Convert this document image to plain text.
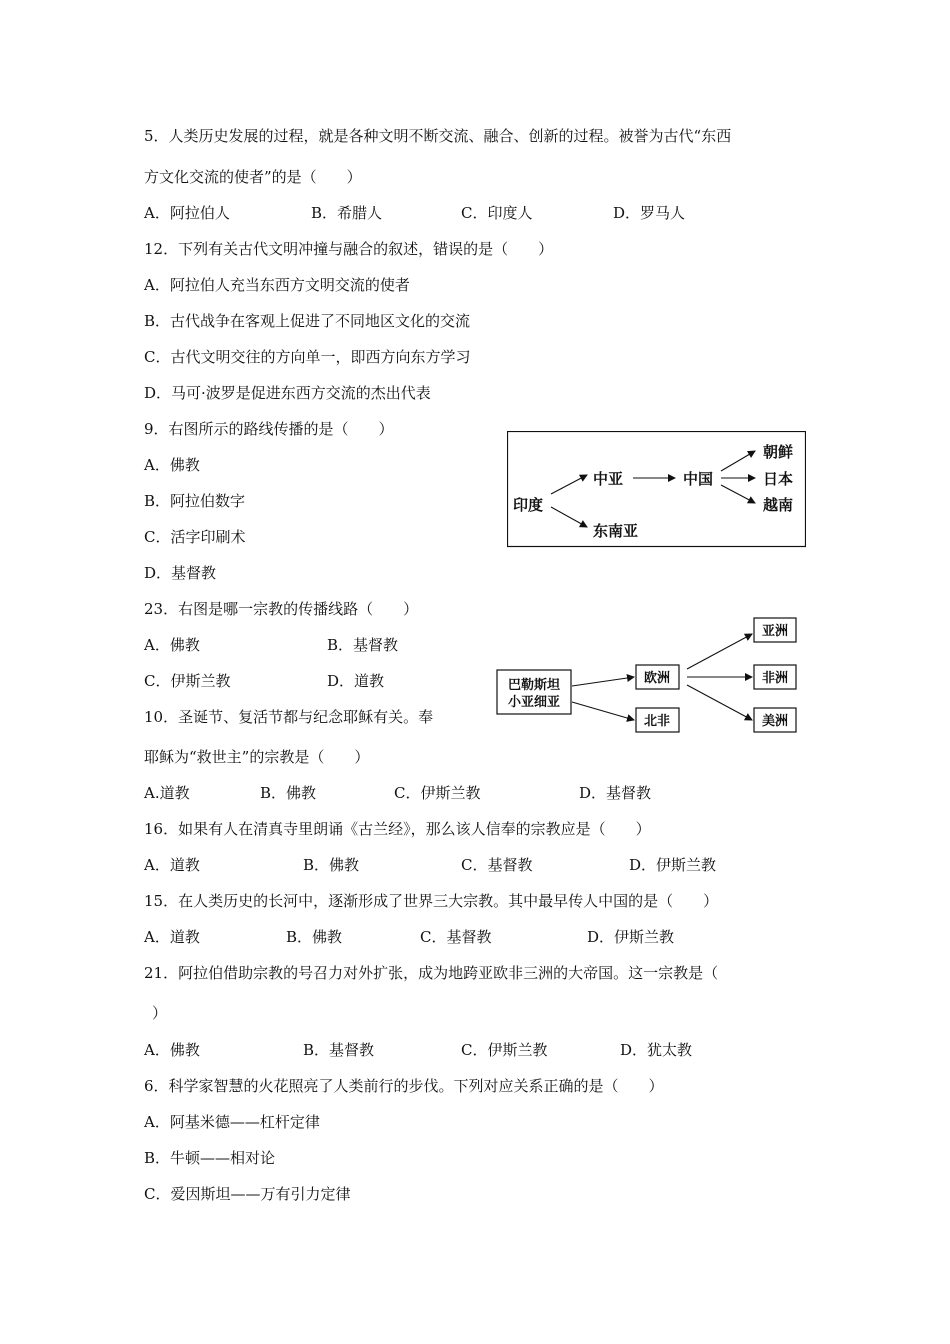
5．人类历史发展的过程，就是各种文明不断交流、融合、创新的过程。被誉为古代“东西
方文化交流的使者”的是（　　）
A．阿拉伯人	B．希腊人	C．印度人	D．罗马人
12．下列有关古代文明冲撞与融合的叙述，错误的是（　　）
A．阿拉伯人充当东西方文明交流的使者
B．古代战争在客观上促进了不同地区文化的交流
C．古代文明交往的方向单一，即西方向东方学习
D．马可·波罗是促进东西方交流的杰出代表
9．右图所示的路线传播的是（　　）
A．佛教
B．阿拉伯数字
C．活字印刷术
D．基督教
印度
中亚
东南亚
中国
朝鲜
日本
越南
23．右图是哪一宗教的传播线路（　　）
A．佛教	B．基督教
C．伊斯兰教	D．道教	巴勒斯坦
小亚细亚
欧洲
北非
亚洲
非洲
美洲
10．圣诞节、复活节都与纪念耶稣有关。奉
耶稣为“救世主”的宗教是（　　）
A.道教	B．佛教	C．伊斯兰教	D．基督教
16．如果有人在清真寺里朗诵《古兰经》，那么该人信奉的宗教应是（　　）
A．道教	B．佛教	C．基督教	D．伊斯兰教
15．在人类历史的长河中，逐渐形成了世界三大宗教。其中最早传人中国的是（　　）
A．道教	B．佛教	C．基督教	D．伊斯兰教
21．阿拉伯借助宗教的号召力对外扩张，成为地跨亚欧非三洲的大帝国。这一宗教是（
）
A．佛教	B．基督教	C．伊斯兰教	D．犹太教
6．科学家智慧的火花照亮了人类前行的步伐。下列对应关系正确的是（　　）
A．阿基米德——杠杆定律
B．牛顿——相对论
C．爱因斯坦——万有引力定律
